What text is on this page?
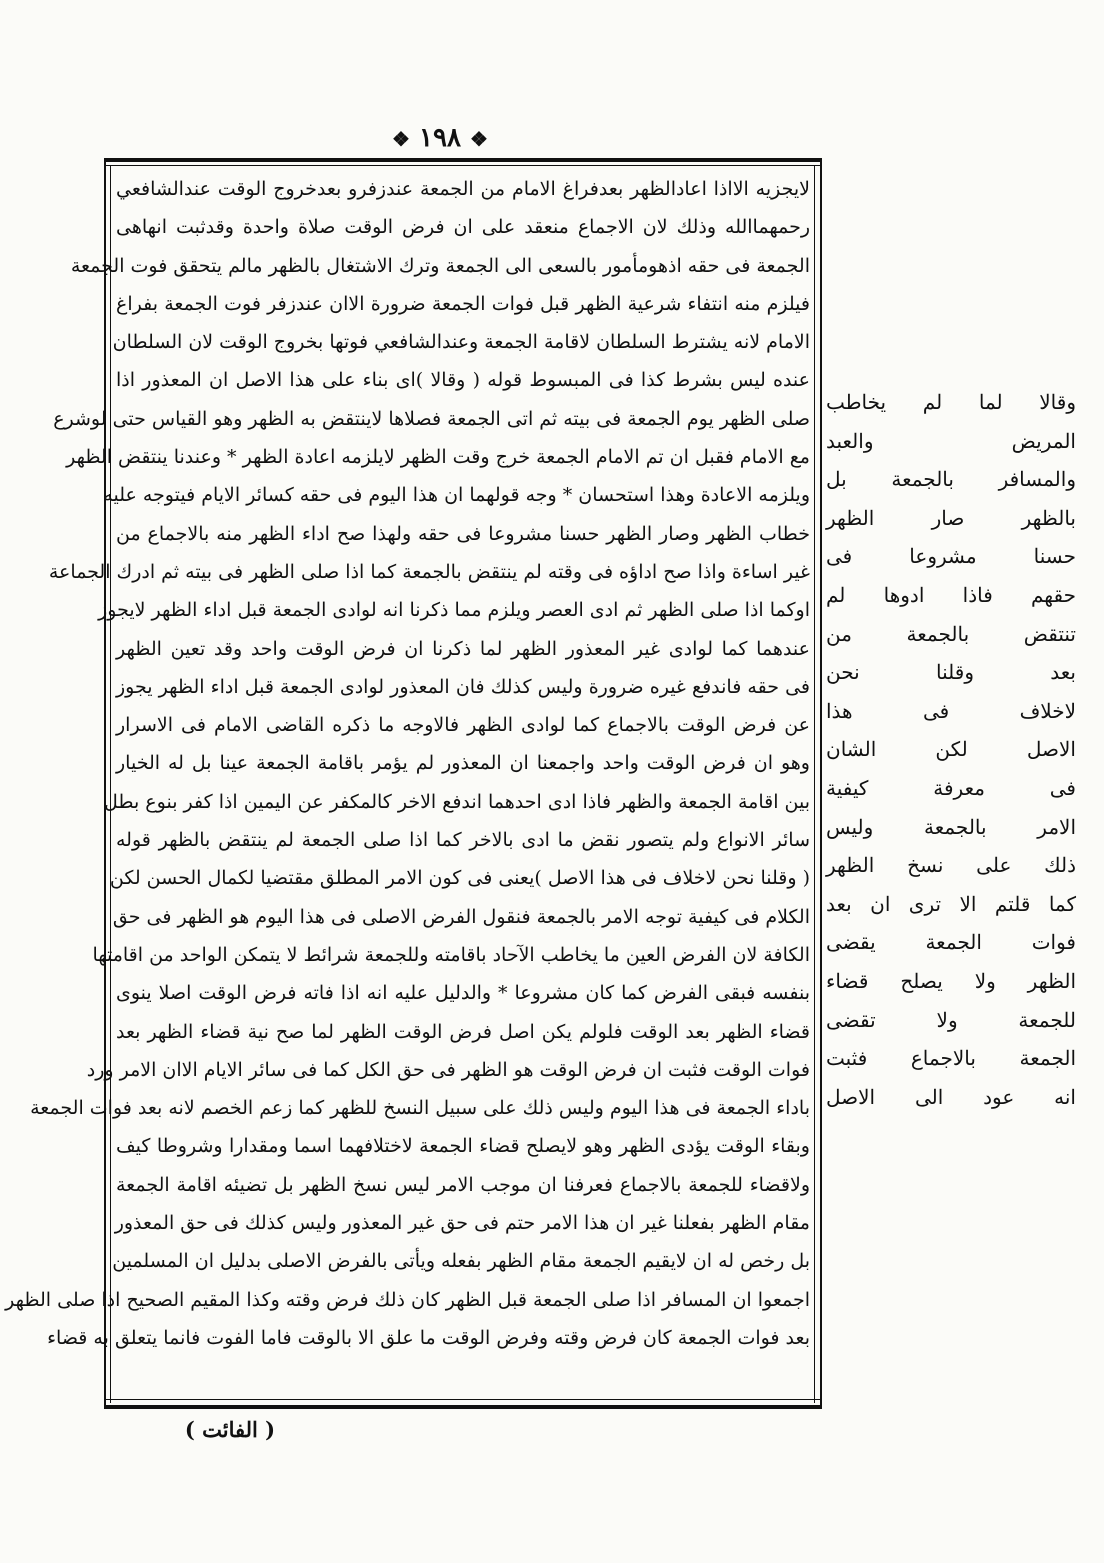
❖ ١٩٨ ❖
لايجزيه الااذا اعادالظهر بعدفراغ الامام من الجمعة عندزفرو بعدخروج الوقت عندالشافعي
رحمهماالله وذلك لان الاجماع منعقد على ان فرض الوقت صلاة واحدة وقدثبت انهاهى
الجمعة فى حقه اذهومأمور بالسعى الى الجمعة وترك الاشتغال بالظهر مالم يتحقق فوت الجمعة
فيلزم منه انتفاء شرعية الظهر قبل فوات الجمعة ضرورة الاان عندزفر فوت الجمعة بفراغ
الامام لانه يشترط السلطان لاقامة الجمعة وعندالشافعي فوتها بخروج الوقت لان السلطان
عنده ليس بشرط كذا فى المبسوط قوله ( وقالا )اى بناء على هذا الاصل ان المعذور اذا
صلى الظهر يوم الجمعة فى بيته ثم اتى الجمعة فصلاها لاينتقض به الظهر وهو القياس حتى لوشرع
مع الامام فقبل ان تم الامام الجمعة خرج وقت الظهر لايلزمه اعادة الظهر * وعندنا ينتقض الظهر
ويلزمه الاعادة وهذا استحسان * وجه قولهما ان هذا اليوم فى حقه كسائر الايام فيتوجه عليه
خطاب الظهر وصار الظهر حسنا مشروعا فى حقه ولهذا صح اداء الظهر منه بالاجماع من
غير اساءة واذا صح اداؤه فى وقته لم ينتقض بالجمعة كما اذا صلى الظهر فى بيته ثم ادرك الجماعة
اوكما اذا صلى الظهر ثم ادى العصر ويلزم مما ذكرنا انه لوادى الجمعة قبل اداء الظهر لايجوز
عندهما كما لوادى غير المعذور الظهر لما ذكرنا ان فرض الوقت واحد وقد تعين الظهر
فى حقه فاندفع غيره ضرورة وليس كذلك فان المعذور لوادى الجمعة قبل اداء الظهر يجوز
عن فرض الوقت بالاجماع كما لوادى الظهر فالاوجه ما ذكره القاضى الامام فى الاسرار
وهو ان فرض الوقت واحد واجمعنا ان المعذور لم يؤمر باقامة الجمعة عينا بل له الخيار
بين اقامة الجمعة والظهر فاذا ادى احدهما اندفع الاخر كالمكفر عن اليمين اذا كفر بنوع بطل
سائر الانواع ولم يتصور نقض ما ادى بالاخر كما اذا صلى الجمعة لم ينتقض بالظهر قوله
( وقلنا نحن لاخلاف فى هذا الاصل )يعنى فى كون الامر المطلق مقتضيا لكمال الحسن لكن
الكلام فى كيفية توجه الامر بالجمعة فنقول الفرض الاصلى فى هذا اليوم هو الظهر فى حق
الكافة لان الفرض العين ما يخاطب الآحاد باقامته وللجمعة شرائط لا يتمكن الواحد من اقامتها
بنفسه فبقى الفرض كما كان مشروعا * والدليل عليه انه اذا فاته فرض الوقت اصلا ينوى
قضاء الظهر بعد الوقت فلولم يكن اصل فرض الوقت الظهر لما صح نية قضاء الظهر بعد
فوات الوقت فثبت ان فرض الوقت هو الظهر فى حق الكل كما فى سائر الايام الاان الامر ورد
باداء الجمعة فى هذا اليوم وليس ذلك على سبيل النسخ للظهر كما زعم الخصم لانه بعد فوات الجمعة
وبقاء الوقت يؤدى الظهر وهو لايصلح قضاء الجمعة لاختلافهما اسما ومقدارا وشروطا كيف
ولاقضاء للجمعة بالاجماع فعرفنا ان موجب الامر ليس نسخ الظهر بل تضيئه اقامة الجمعة
مقام الظهر بفعلنا غير ان هذا الامر حتم فى حق غير المعذور وليس كذلك فى حق المعذور
بل رخص له ان لايقيم الجمعة مقام الظهر بفعله ويأتى بالفرض الاصلى بدليل ان المسلمين
اجمعوا ان المسافر اذا صلى الجمعة قبل الظهر كان ذلك فرض وقته وكذا المقيم الصحيح اذا صلى الظهر
بعد فوات الجمعة كان فرض وقته وفرض الوقت ما علق الا بالوقت فاما الفوت فانما يتعلق به قضاء
وقالا لما لم يخاطب
المريض والعبد
والمسافر بالجمعة بل
بالظهر صار الظهر
حسنا مشروعا فى
حقهم فاذا ادوها لم
تنتقض بالجمعة من
بعد وقلنا نحن
لاخلاف فى هذا
الاصل لكن الشان
فى معرفة كيفية
الامر بالجمعة وليس
ذلك على نسخ الظهر
كما قلتم الا ترى ان بعد
فوات الجمعة يقضى
الظهر ولا يصلح قضاء
للجمعة ولا تقضى
الجمعة بالاجماع فثبت
انه عود الى الاصل
( الفائت )
